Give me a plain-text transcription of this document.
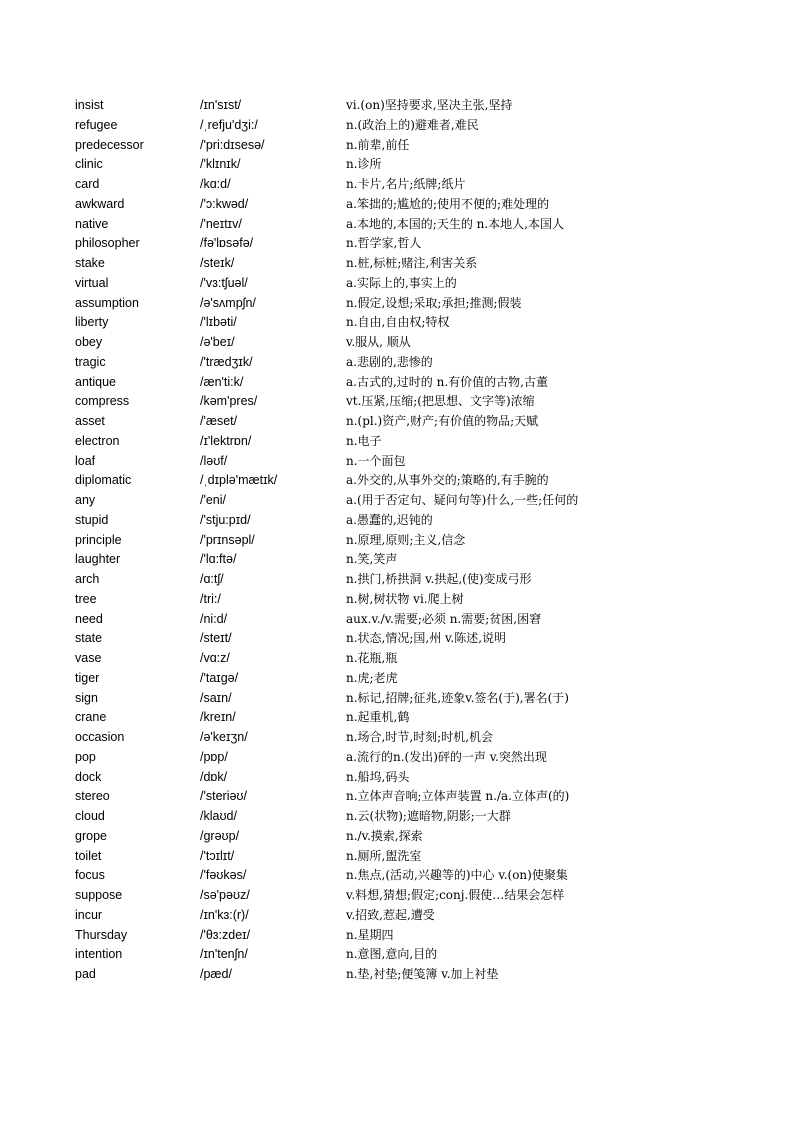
insist	/ɪn'sɪst/	vi.(on)坚持要求,坚决主张,坚持
refugee	/ˌrefju'dʒi:/	n.(政治上的)避难者,难民
predecessor	/'pri:dɪsesə/	n.前辈,前任
clinic	/'klɪnɪk/	n.诊所
card	/kɑ:d/	n.卡片,名片;纸牌;纸片
awkward	/'ɔ:kwəd/	a.笨拙的;尴尬的;使用不便的;难处理的
native	/'neɪtɪv/	a.本地的,本国的;天生的 n.本地人,本国人
philosopher	/fə'lɒsəfə/	n.哲学家,哲人
stake	/steɪk/	n.桩,标桩;赌注,利害关系
virtual	/'vɜ:tʃuəl/	a.实际上的,事实上的
assumption	/ə'sʌmpʃn/	n.假定,设想;采取;承担;推测;假装
liberty	/'lɪbəti/	n.自由,自由权;特权
obey	/ə'beɪ/	v.服从, 顺从
tragic	/'trædʒɪk/	a.悲剧的,悲惨的
antique	/æn'ti:k/	a.古式的,过时的 n.有价值的古物,古董
compress	/kəm'pres/	vt.压紧,压缩;(把思想、文字等)浓缩
asset	/'æset/	n.(pl.)资产,财产;有价值的物品;天赋
electron	/ɪ'lektrɒn/	n.电子
loaf	/ləʊf/	n.一个面包
diplomatic	/ˌdɪplə'mætɪk/	a.外交的,从事外交的;策略的,有手腕的
any	/'eni/	a.(用于否定句、疑问句等)什么,一些;任何的
stupid	/'stju:pɪd/	a.愚蠢的,迟钝的
principle	/'prɪnsəpl/	n.原理,原则;主义,信念
laughter	/'lɑ:ftə/	n.笑,笑声
arch	/ɑ:tʃ/	n.拱门,桥拱洞 v.拱起,(使)变成弓形
tree	/tri:/	n.树,树状物 vi.爬上树
need	/ni:d/	aux.v./v.需要;必须 n.需要;贫困,困窘
state	/steɪt/	n.状态,情况;国,州 v.陈述,说明
vase	/vɑ:z/	n.花瓶,瓶
tiger	/'taɪgə/	n.虎;老虎
sign	/saɪn/	n.标记,招牌;征兆,迹象v.签名(于),署名(于)
crane	/kreɪn/	n.起重机,鹤
occasion	/ə'keɪʒn/	n.场合,时节,时刻;时机,机会
pop	/pɒp/	a.流行的n.(发出)砰的一声 v.突然出现
dock	/dɒk/	n.船坞,码头
stereo	/'steriəʊ/	n.立体声音响;立体声装置 n./a.立体声(的)
cloud	/klaʊd/	n.云(状物);遮暗物,阴影;一大群
grope	/grəʊp/	n./v.摸索,探索
toilet	/'tɔɪlɪt/	n.厕所,盥洗室
focus	/'fəʊkəs/	n.焦点,(活动,兴趣等的)中心 v.(on)使聚集
suppose	/sə'pəʊz/	v.料想,猜想;假定;conj.假使…结果会怎样
incur	/ɪn'kɜ:(r)/	v.招致,惹起,遭受
Thursday	/'θɜ:zdeɪ/	n.星期四
intention	/ɪn'tenʃn/	n.意图,意向,目的
pad	/pæd/	n.垫,衬垫;便笺簿 v.加上衬垫
